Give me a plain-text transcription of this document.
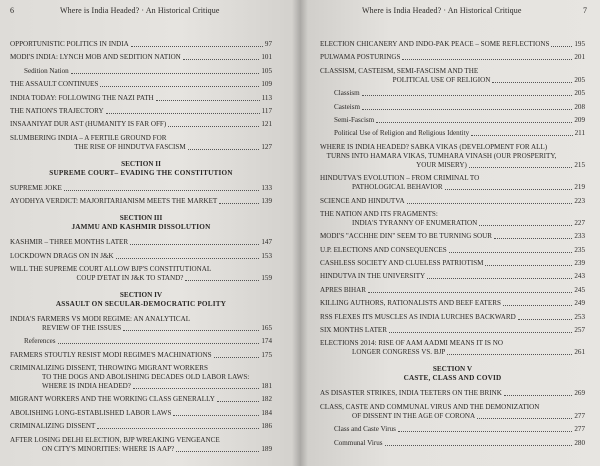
6	Where is India Headed? · An Historical Critique
OPPORTUNISTIC POLITICS IN INDIA	97
MODI'S INDIA: LYNCH MOB AND SEDITION NATION	101
Sedition Nation	105
THE ASSAULT CONTINUES	109
INDIA TODAY: FOLLOWING THE NAZI PATH	113
THE NATION'S TRAJECTORY	117
INSAANIYAT DUR AST (HUMANITY IS FAR OFF)	121
SLUMBERING INDIA – A FERTILE GROUND FOR
THE RISE OF HINDUTVA FASCISM	127
SECTION II
SUPREME COURT– EVADING THE CONSTITUTION
SUPREME JOKE	133
AYODHYA VERDICT: MAJORITARIANISM MEETS THE MARKET	139
SECTION III
JAMMU AND KASHMIR DISSOLUTION
KASHMIR – THREE MONTHS LATER	147
LOCKDOWN DRAGS ON IN J&K	153
WILL THE SUPREME COURT ALLOW BJP'S CONSTITUTIONAL
COUP D'ETAT IN J&K TO STAND?	159
SECTION IV
ASSAULT ON SECULAR-DEMOCRATIC POLITY
INDIA'S FARMERS VS MODI REGIME: AN ANALYTICAL
REVIEW OF THE ISSUES	165
References	174
FARMERS STOUTLY RESIST MODI REGIME'S MACHINATIONS	175
CRIMINALIZING DISSENT, THROWING MIGRANT WORKERS
TO THE DOGS AND ABOLISHING DECADES OLD LABOR LAWS:
WHERE IS INDIA HEADED?	181
MIGRANT WORKERS AND THE WORKING CLASS GENERALLY	182
ABOLISHING LONG-ESTABLISHED LABOR LAWS	184
CRIMINALIZING DISSENT	186
AFTER LOSING DELHI ELECTION, BJP WREAKING VENGEANCE
ON CITY'S MINORITIES: WHERE IS AAP?	189
Where is India Headed? · An Historical Critique	7
ELECTION CHICANERY AND INDO-PAK PEACE – SOME REFLECTIONS	195
PULWAMA POSTURINGS	201
CLASSISM, CASTEISM, SEMI-FASCISM AND THE
POLITICAL USE OF RELIGION	205
Classism	205
Casteism	208
Semi-Fascism	209
Political Use of Religion and Religious Identity	211
WHERE IS INDIA HEADED? SABKA VIKAS (DEVELOPMENT FOR ALL)
TURNS INTO HAMARA VIKAS, TUMHARA VINASH (OUR PROSPERITY,
YOUR MISERY)	215
HINDUTVA'S EVOLUTION – FROM CRIMINAL TO
PATHOLOGICAL BEHAVIOR	219
SCIENCE AND HINDUTVA	223
THE NATION AND ITS FRAGMENTS:
INDIA'S TYRANNY OF ENUMERATION	227
MODI'S "ACCHHE DIN" SEEM TO BE TURNING SOUR	233
U.P. ELECTIONS AND CONSEQUENCES	235
CASHLESS SOCIETY AND CLUELESS PATRIOTISM	239
HINDUTVA IN THE UNIVERSITY	243
APRES BIHAR	245
KILLING AUTHORS, RATIONALISTS AND BEEF EATERS	249
RSS FLEXES ITS MUSCLES AS INDIA LURCHES BACKWARD	253
SIX MONTHS LATER	257
ELECTIONS 2014: RISE OF AAM AADMI MEANS IT IS NO
LONGER CONGRESS VS. BJP	261
SECTION V
CASTE, CLASS AND COVID
AS DISASTER STRIKES, INDIA TEETERS ON THE BRINK	269
CLASS, CASTE AND COMMUNAL VIRUS AND THE DEMONIZATION
OF DISSENT IN THE AGE OF CORONA	277
Class and Caste Virus	277
Communal Virus	280
